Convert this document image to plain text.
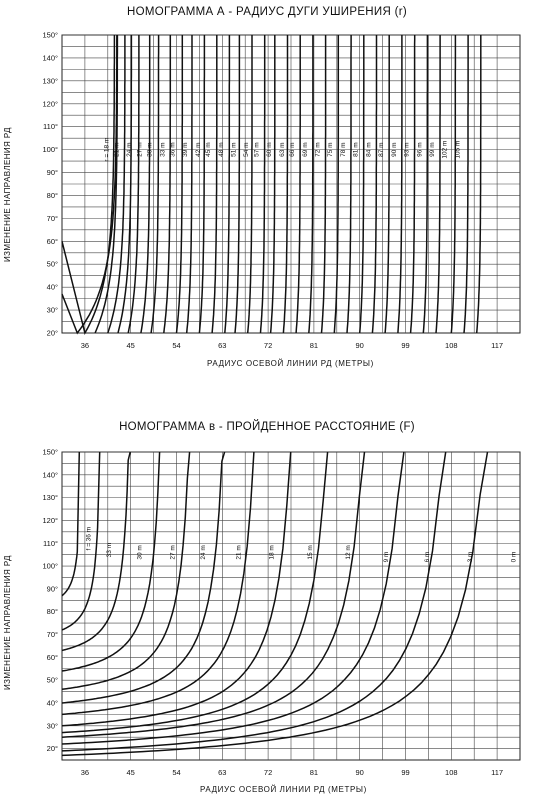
НОМОГРАММА А - РАДИУС ДУГИ УШИРЕНИЯ (r)
НОМОГРАММА в - ПРОЙДЕННОЕ РАССТОЯНИЕ (F)
ИЗМЕНЕНИЕ НАПРАВЛЕНИЯ РД
ИЗМЕНЕНИЕ НАПРАВЛЕНИЯ РД
РАДИУС ОСЕВОЙ ЛИНИИ РД (МЕТРЫ)
РАДИУС ОСЕВОЙ ЛИНИИ РД (МЕТРЫ)
20°
30°
40°
50°
60°
70°
80°
90°
100°
110°
120°
130°
140°
150°
36	45	54	63	72	81	90	99	108	117
r = 18 m 21 m 24 m 27 m 30 m 33 m 36 m 39 m 42 m 45 m 48 m 51 m 54 m 57 m 60 m 63 m 66 m 69 m 72 m 75 m 78 m 81 m 84 m 87 m 90 m 93 m 96 m 99 m 102 m 105 m
20°
30°
40°
50°
60°
70°
80°
90°
100°
110°
120°
130°
140°
150°
36	45	54	63	72	81	90	99	108	117
f = 36 m 33 m	30 m	27 m	24 m	21 m	18 m	15 m	12 m	9 m	6 m	3 m	0 m
